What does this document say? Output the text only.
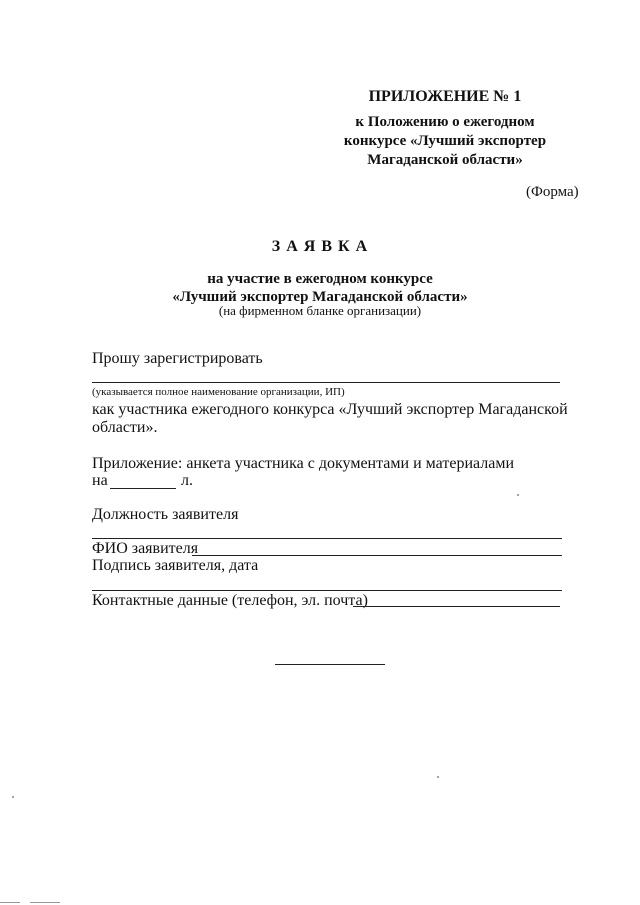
ПРИЛОЖЕНИЕ № 1
к Положению о ежегодном
конкурсе «Лучший экспортер
Магаданской области»
(Форма)
З А Я В К А
на участие в ежегодном конкурсе
«Лучший экспортер Магаданской области»
(на фирменном бланке организации)
Прошу зарегистрировать
(указывается полное наименование организации, ИП)
как участника ежегодного конкурса «Лучший экспортер Магаданской
области».
Приложение: анкета участника с документами и материалами
на	л.
Должность заявителя
ФИО заявителя
Подпись заявителя, дата
Контактные данные (телефон, эл. почта)
